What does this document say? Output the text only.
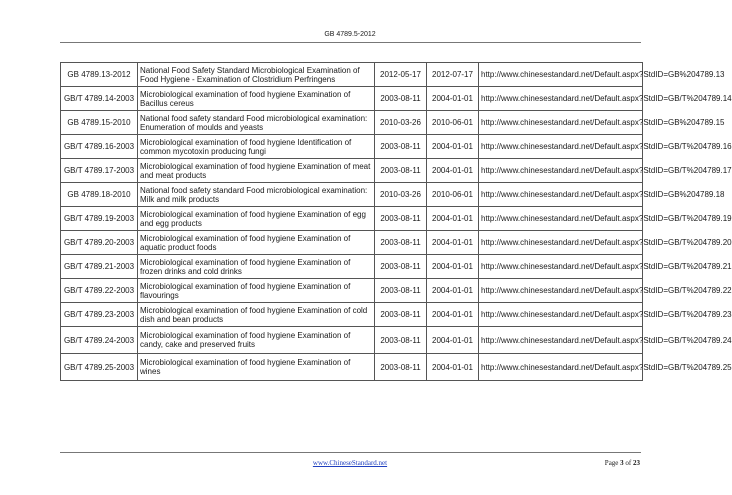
GB 4789.5-2012
GB 4789.13-2012	National Food Safety Standard Microbiological Examination of Food Hygiene - Examination of Clostridium Perfringens	2012-05-17	2012-07-17	http://www.chinesestandard.net/Default.aspx?StdID=GB%204789.13
GB/T 4789.14-2003	Microbiological examination of food hygiene Examination of Bacillus cereus	2003-08-11	2004-01-01	http://www.chinesestandard.net/Default.aspx?StdID=GB/T%204789.14
GB 4789.15-2010	National food safety standard Food microbiological examination: Enumeration of moulds and yeasts	2010-03-26	2010-06-01	http://www.chinesestandard.net/Default.aspx?StdID=GB%204789.15
GB/T 4789.16-2003	Microbiological examination of food hygiene Identification of common mycotoxin producing fungi	2003-08-11	2004-01-01	http://www.chinesestandard.net/Default.aspx?StdID=GB/T%204789.16
GB/T 4789.17-2003	Microbiological examination of food hygiene Examination of meat and meat products	2003-08-11	2004-01-01	http://www.chinesestandard.net/Default.aspx?StdID=GB/T%204789.17
GB 4789.18-2010	National food safety standard Food microbiological examination: Milk and milk products	2010-03-26	2010-06-01	http://www.chinesestandard.net/Default.aspx?StdID=GB%204789.18
GB/T 4789.19-2003	Microbiological examination of food hygiene Examination of egg and egg products	2003-08-11	2004-01-01	http://www.chinesestandard.net/Default.aspx?StdID=GB/T%204789.19
GB/T 4789.20-2003	Microbiological examination of food hygiene Examination of aquatic product foods	2003-08-11	2004-01-01	http://www.chinesestandard.net/Default.aspx?StdID=GB/T%204789.20
GB/T 4789.21-2003	Microbiological examination of food hygiene Examination of frozen drinks and cold drinks	2003-08-11	2004-01-01	http://www.chinesestandard.net/Default.aspx?StdID=GB/T%204789.21
GB/T 4789.22-2003	Microbiological examination of food hygiene Examination of flavourings	2003-08-11	2004-01-01	http://www.chinesestandard.net/Default.aspx?StdID=GB/T%204789.22
GB/T 4789.23-2003	Microbiological examination of food hygiene Examination of cold dish and bean products	2003-08-11	2004-01-01	http://www.chinesestandard.net/Default.aspx?StdID=GB/T%204789.23
GB/T 4789.24-2003	Microbiological examination of food hygiene Examination of candy, cake and preserved fruits	2003-08-11	2004-01-01	http://www.chinesestandard.net/Default.aspx?StdID=GB/T%204789.24
GB/T 4789.25-2003	Microbiological examination of food hygiene Examination of wines	2003-08-11	2004-01-01	http://www.chinesestandard.net/Default.aspx?StdID=GB/T%204789.25
www.ChineseStandard.net	Page 3 of 23
